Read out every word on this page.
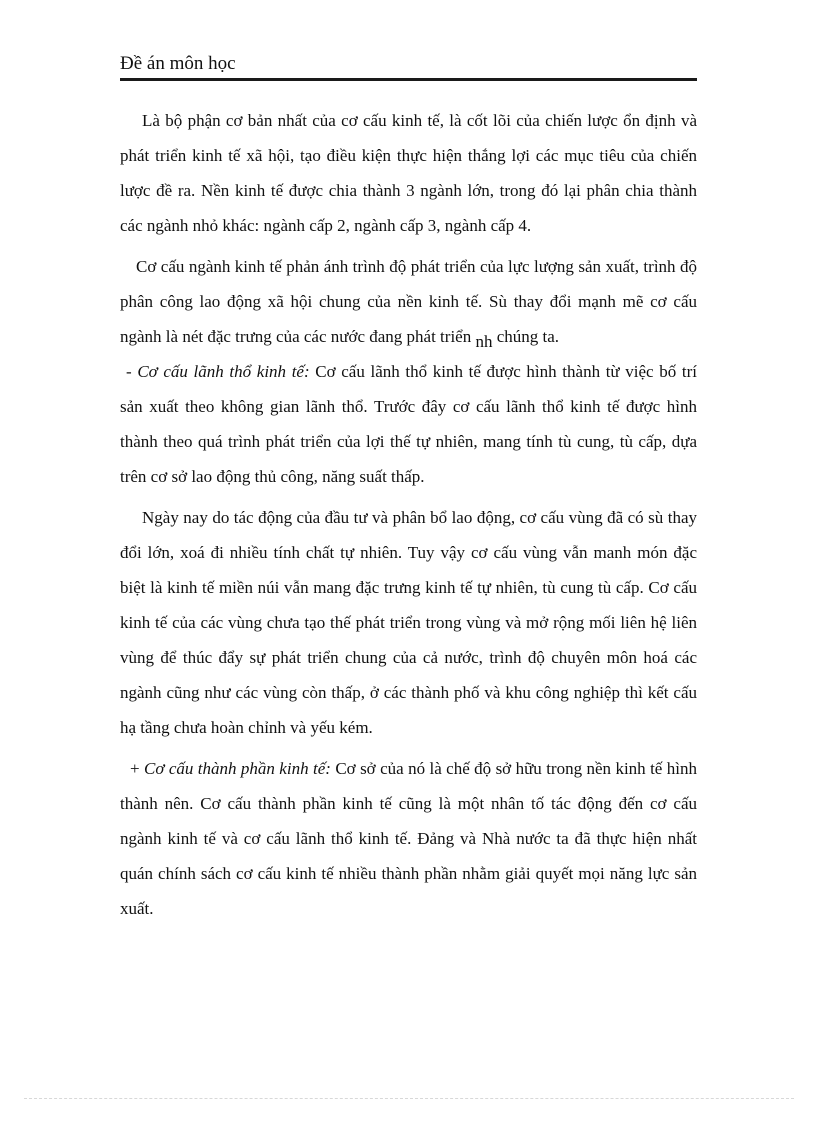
Đề án môn học

Là bộ phận cơ bản nhất của cơ cấu kinh tế, là cốt lõi của chiến lược ổn định và phát triển kinh tế xã hội, tạo điều kiện thực hiện thắng lợi các mục tiêu của chiến lược đề ra. Nền kinh tế được chia thành 3 ngành lớn, trong đó lại phân chia thành các ngành nhỏ khác: ngành cấp 2, ngành cấp 3, ngành cấp 4.

Cơ cấu ngành kinh tế phản ánh trình độ phát triển của lực lượng sản xuất, trình độ phân công lao động xã hội chung của nền kinh tế. Sù thay đổi mạnh mẽ cơ cấu ngành là nét đặc trưng của các nước đang phát triển nh chúng ta.

- Cơ cấu lãnh thổ kinh tế: Cơ cấu lãnh thổ kinh tế được hình thành từ việc bố trí sản xuất theo không gian lãnh thổ. Trước đây cơ cấu lãnh thổ kinh tế được hình thành theo quá trình phát triển của lợi thế tự nhiên, mang tính tù cung, tù cấp, dựa trên cơ sở lao động thủ công, năng suất thấp.

Ngày nay do tác động của đầu tư và phân bổ lao động, cơ cấu vùng đã có sù thay đổi lớn, xoá đi nhiều tính chất tự nhiên. Tuy vậy cơ cấu vùng vẫn manh món đặc biệt là kinh tế miền núi vẫn mang đặc trưng kinh tế tự nhiên, tù cung tù cấp. Cơ cấu kinh tế của các vùng chưa tạo thế phát triển trong vùng và mở rộng mối liên hệ liên vùng để thúc đẩy sự phát triển chung của cả nước, trình độ chuyên môn hoá các ngành cũng như các vùng còn thấp, ở các thành phố và khu công nghiệp thì kết cấu hạ tầng chưa hoàn chỉnh và yếu kém.

+ Cơ cấu thành phần kinh tế: Cơ sở của nó là chế độ sở hữu trong nền kinh tế hình thành nên. Cơ cấu thành phần kinh tế cũng là một nhân tố tác động đến cơ cấu ngành kinh tế và cơ cấu lãnh thổ kinh tế. Đảng và Nhà nước ta đã thực hiện nhất quán chính sách cơ cấu kinh tế nhiều thành phần nhằm giải quyết mọi năng lực sản xuất.
